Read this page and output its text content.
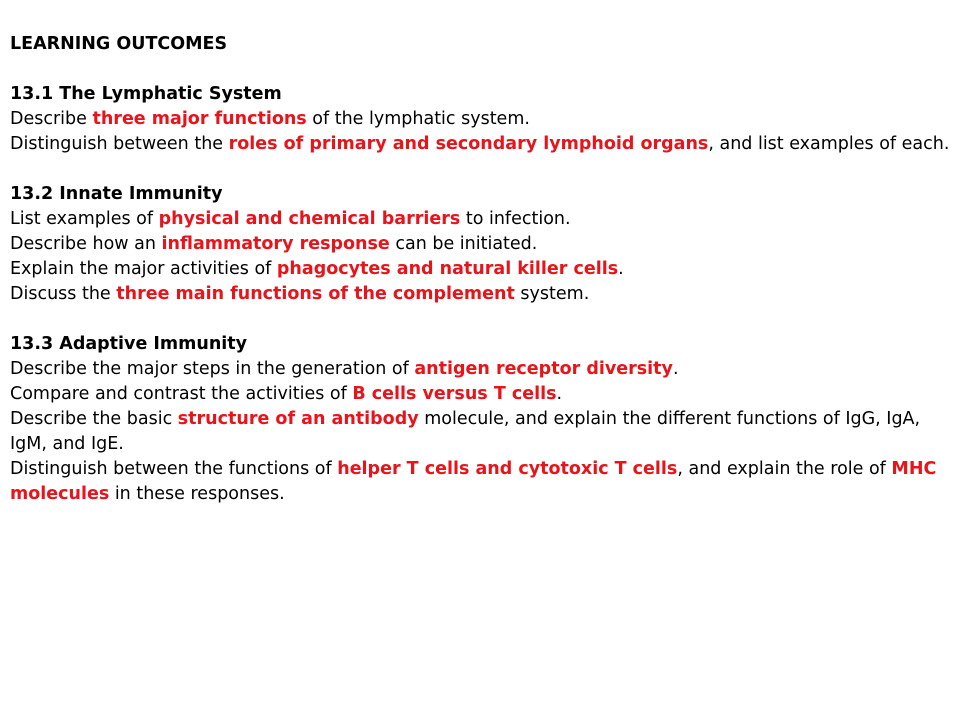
LEARNING OUTCOMES

13.1 The Lymphatic System

Describe three major functions of the lymphatic system.

Distinguish between the roles of primary and secondary lymphoid organs, and list examples of each.

13.2 Innate Immunity

List examples of physical and chemical barriers to infection.

Describe how an inflammatory response can be initiated.

Explain the major activities of phagocytes and natural killer cells.

Discuss the three main functions of the complement system.

13.3 Adaptive Immunity

Describe the major steps in the generation of antigen receptor diversity.

Compare and contrast the activities of B cells versus T cells.

Describe the basic structure of an antibody molecule, and explain the different functions of IgG, IgA, IgM, and IgE.

Distinguish between the functions of helper T cells and cytotoxic T cells, and explain the role of MHC molecules in these responses.
